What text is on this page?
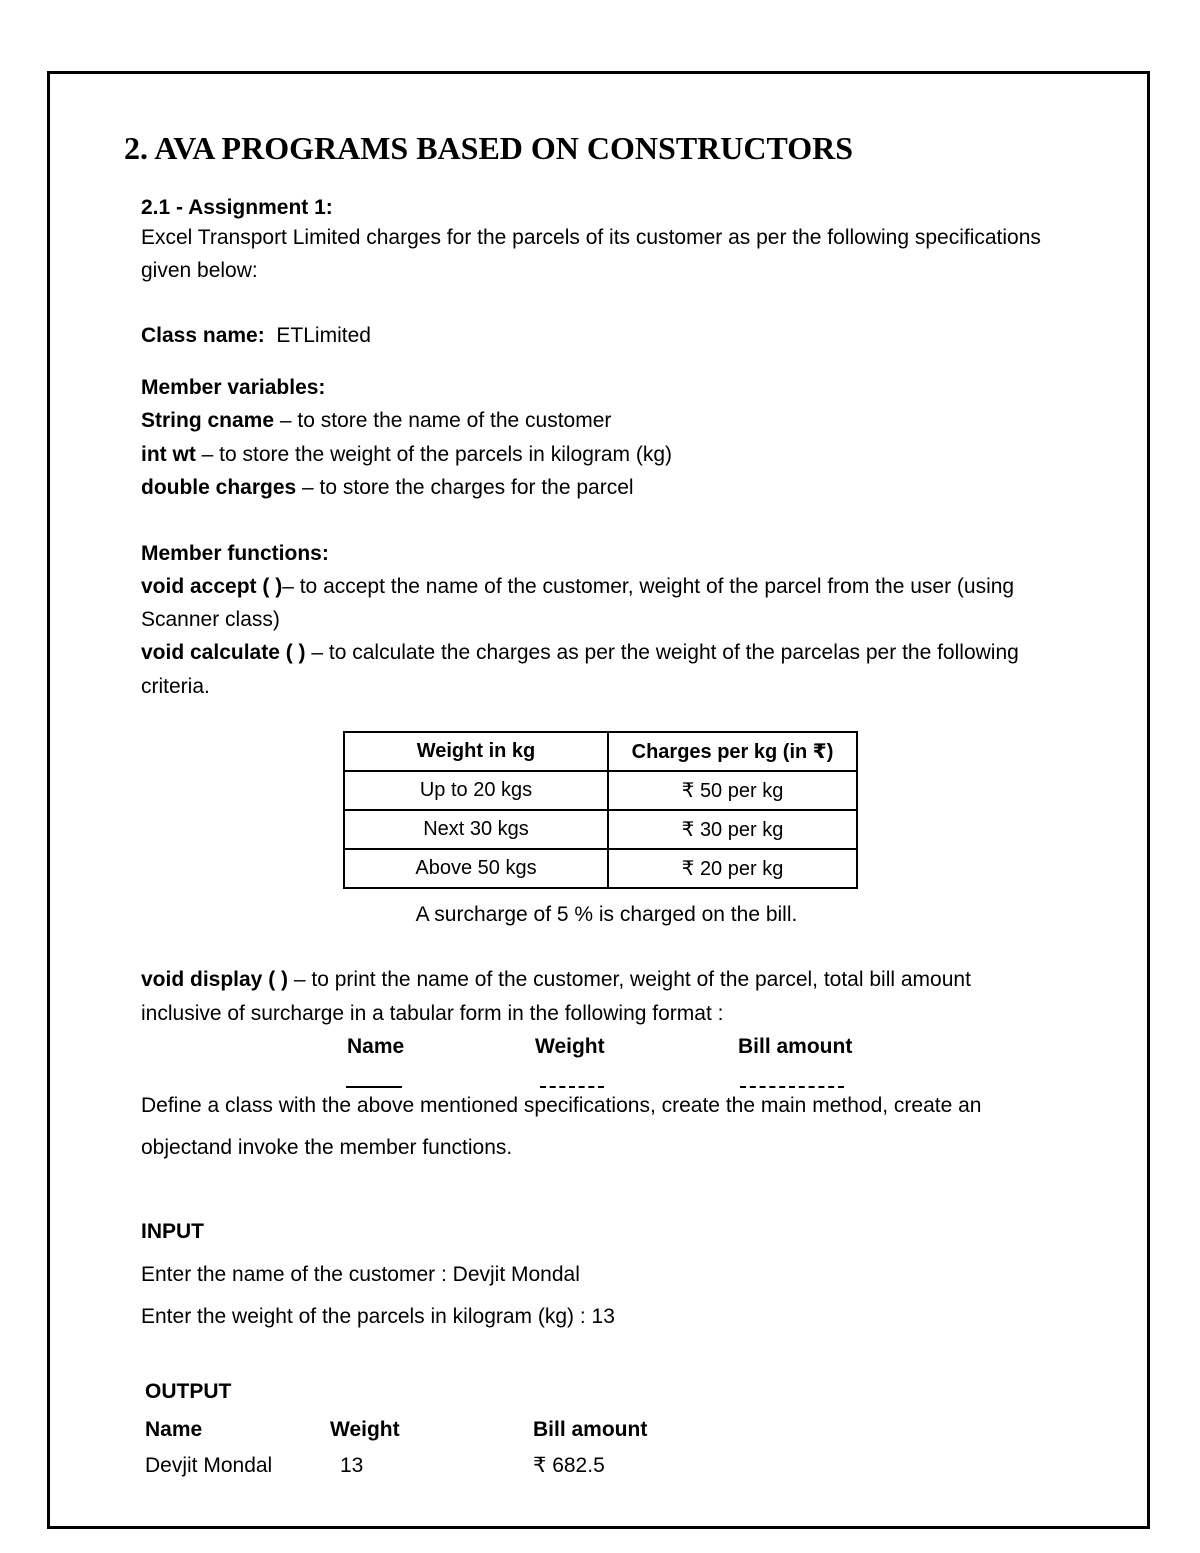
2. AVA PROGRAMS BASED ON CONSTRUCTORS
2.1 - Assignment 1:
Excel Transport Limited charges for the parcels of its customer as per the following specifications
given below:
Class name: ETLimited
Member variables:
String cname – to store the name of the customer
int wt – to store the weight of the parcels in kilogram (kg)
double charges – to store the charges for the parcel
Member functions:
void accept ( )– to accept the name of the customer, weight of the parcel from the user (using
Scanner class)
void calculate ( ) – to calculate the charges as per the weight of the parcelas per the following
criteria.
Weight in kg	Charges per kg (in ₹)
Up to 20 kgs	₹ 50 per kg
Next 30 kgs	₹ 30 per kg
Above 50 kgs	₹ 20 per kg
A surcharge of 5 % is charged on the bill.
void display ( ) – to print the name of the customer, weight of the parcel, total bill amount
inclusive of surcharge in a tabular form in the following format :
Name	Weight	Bill amount
Define a class with the above mentioned specifications, create the main method, create an
objectand invoke the member functions.
INPUT
Enter the name of the customer : Devjit Mondal
Enter the weight of the parcels in kilogram (kg) : 13
OUTPUT
Name	Weight	Bill amount
Devjit Mondal	13	₹ 682.5
